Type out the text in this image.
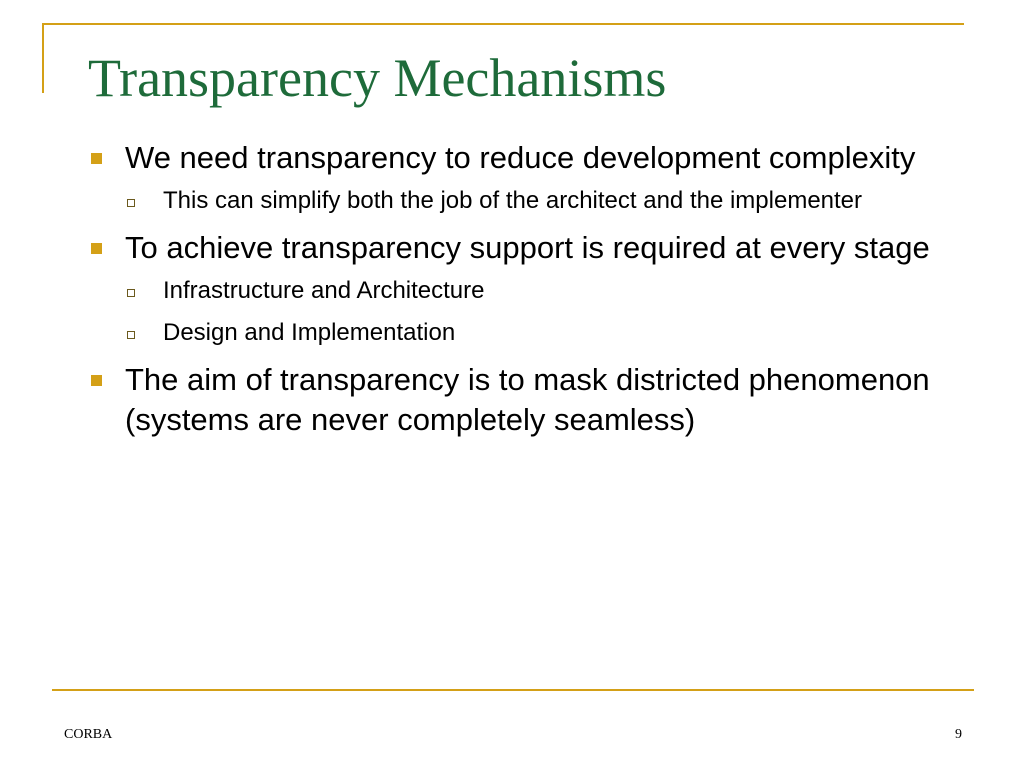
Transparency Mechanisms
We need transparency to reduce development complexity
This can simplify both the job of the architect and the implementer
To achieve transparency support is required at every stage
Infrastructure and Architecture
Design and Implementation
The aim of transparency is to mask districted phenomenon (systems are never completely seamless)
CORBA	9
